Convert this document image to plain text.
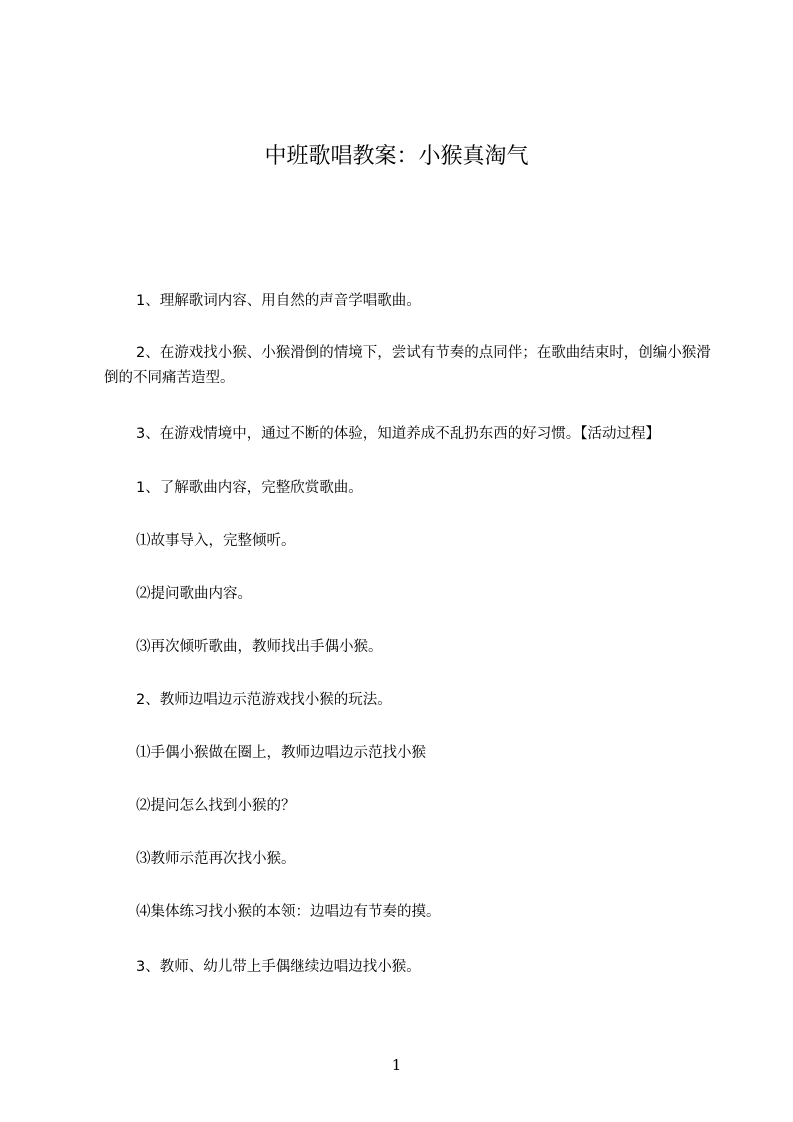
中班歌唱教案：小猴真淘气
1、理解歌词内容、用自然的声音学唱歌曲。
2、在游戏找小猴、小猴滑倒的情境下，尝试有节奏的点同伴；在歌曲结束时，创编小猴滑倒的不同痛苦造型。
3、在游戏情境中，通过不断的体验，知道养成不乱扔东西的好习惯。【活动过程】
1、了解歌曲内容，完整欣赏歌曲。
⑴故事导入，完整倾听。
⑵提问歌曲内容。
⑶再次倾听歌曲，教师找出手偶小猴。
2、教师边唱边示范游戏找小猴的玩法。
⑴手偶小猴做在圈上，教师边唱边示范找小猴
⑵提问怎么找到小猴的？
⑶教师示范再次找小猴。
⑷集体练习找小猴的本领：边唱边有节奏的摸。
3、教师、幼儿带上手偶继续边唱边找小猴。
1
